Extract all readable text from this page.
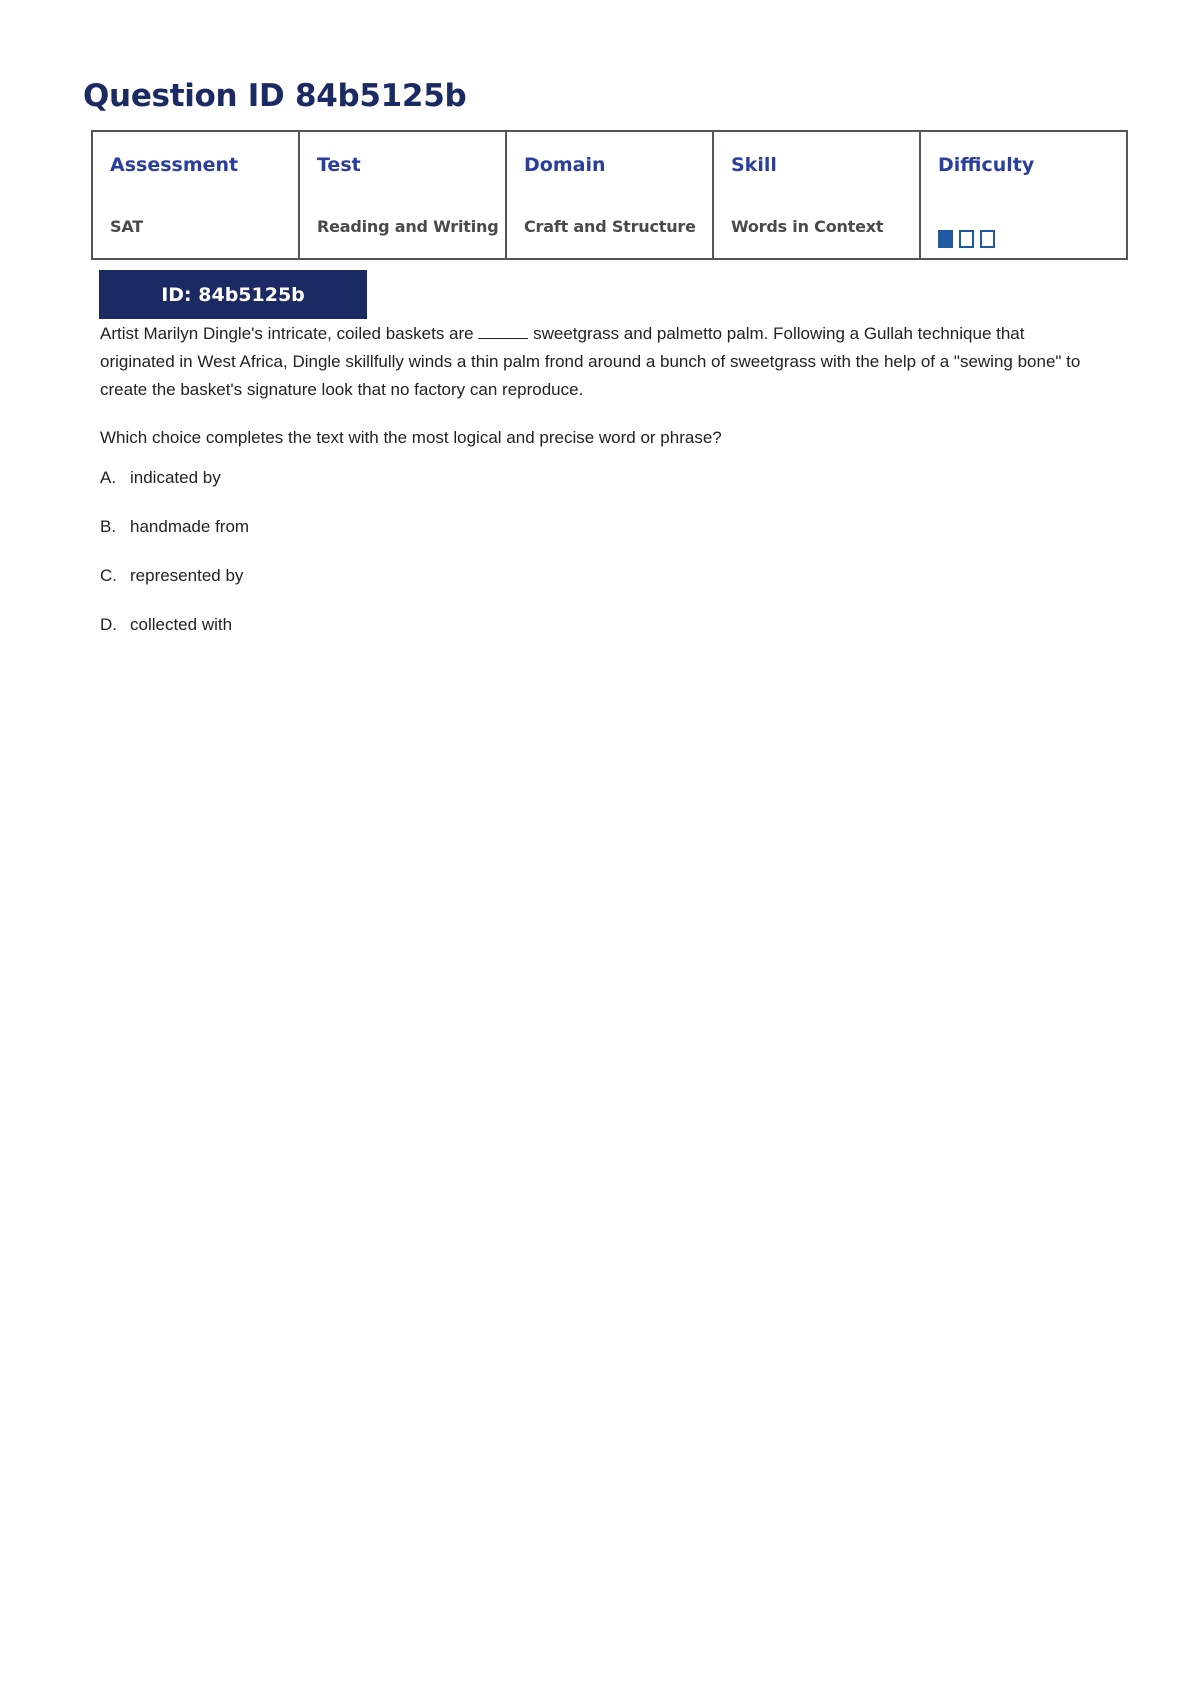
Question ID 84b5125b
Assessment
SAT

Test
Reading and Writing

Domain
Craft and Structure

Skill
Words in Context

Difficulty
ID: 84b5125b

Artist Marilyn Dingle's intricate, coiled baskets are	sweetgrass and palmetto palm. Following a Gullah technique that originated in West Africa, Dingle skillfully winds a thin palm frond around a bunch of sweetgrass with the help of a "sewing bone" to create the basket's signature look that no factory can reproduce.

Which choice completes the text with the most logical and precise word or phrase?

A. indicated by
B. handmade from
C. represented by
D. collected with
